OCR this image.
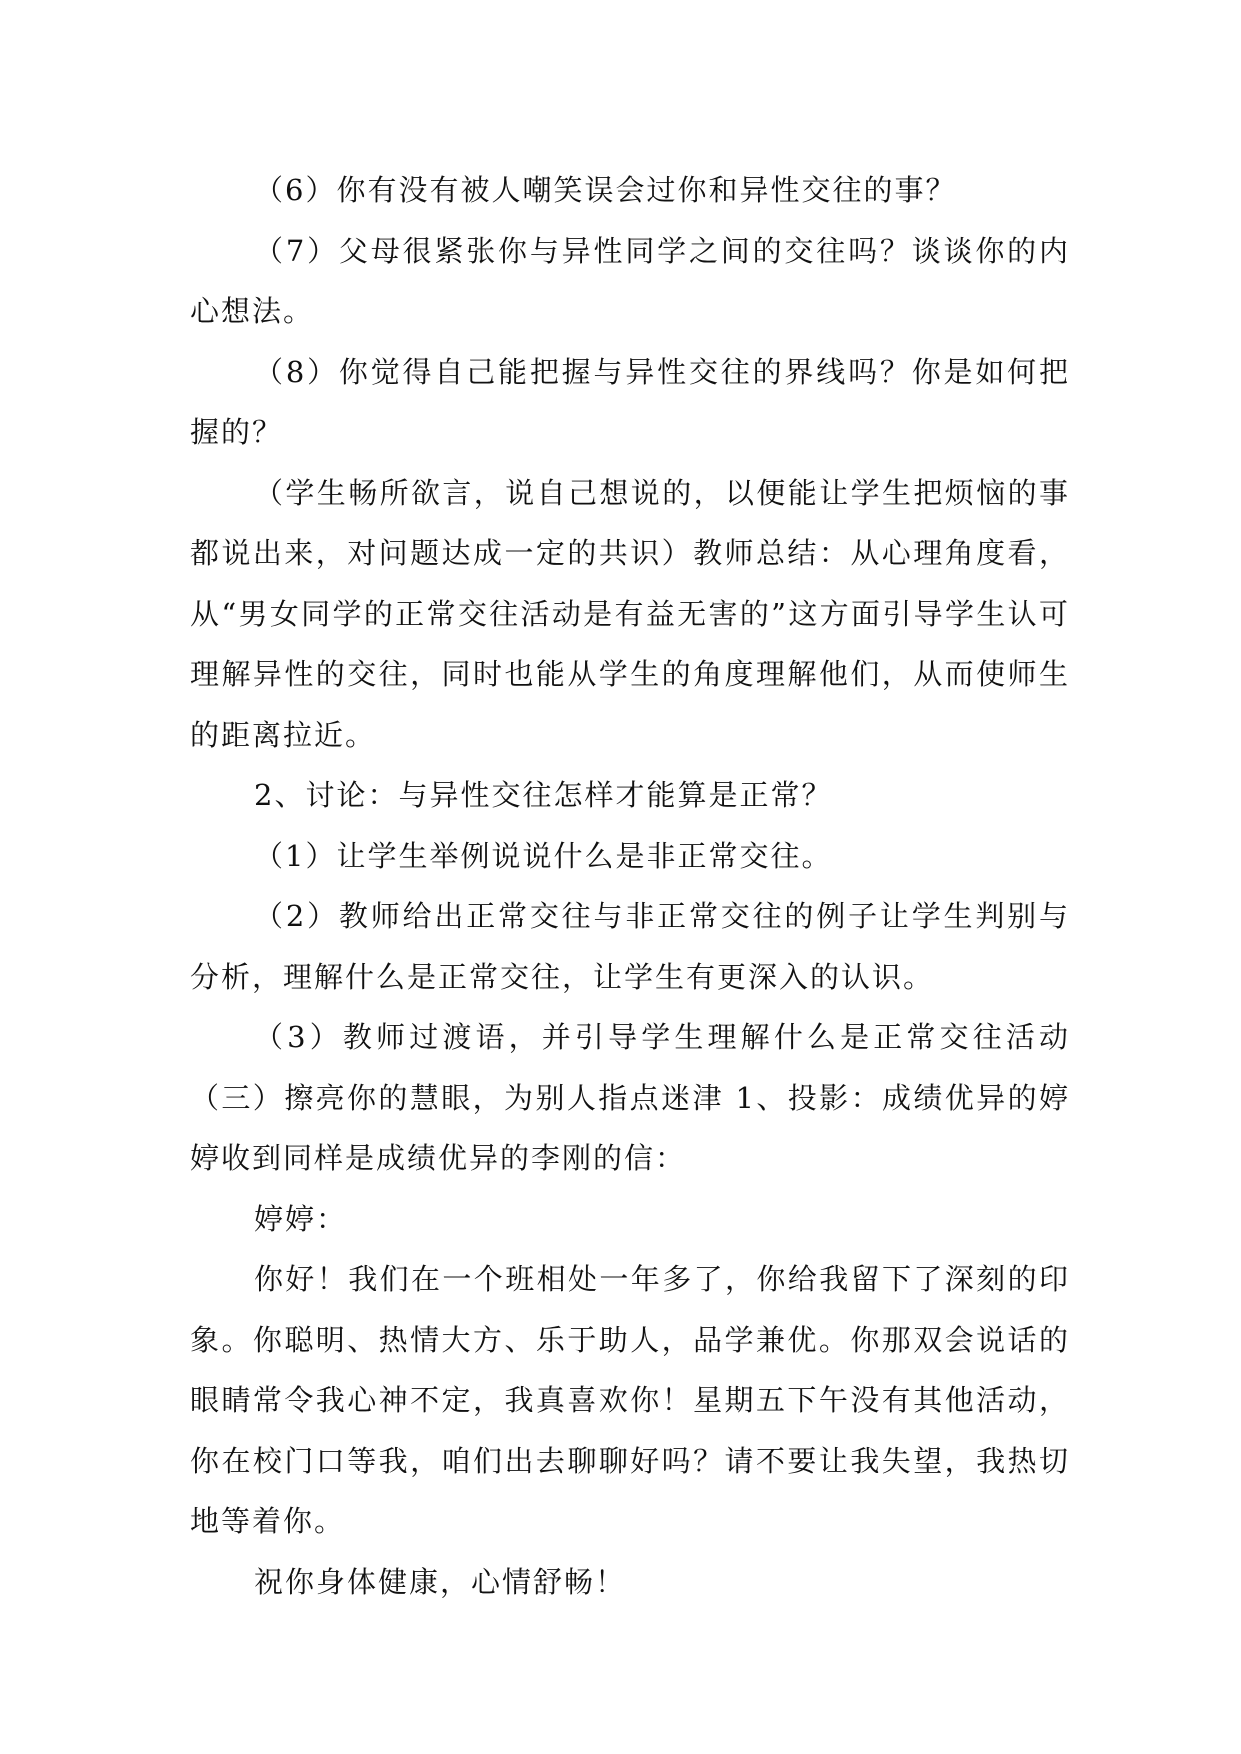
（6）你有没有被人嘲笑误会过你和异性交往的事？

（7）父母很紧张你与异性同学之间的交往吗？谈谈你的内心想法。

（8）你觉得自己能把握与异性交往的界线吗？你是如何把握的？

（学生畅所欲言，说自己想说的，以便能让学生把烦恼的事都说出来，对问题达成一定的共识）教师总结：从心理角度看，从“男女同学的正常交往活动是有益无害的”这方面引导学生认可理解异性的交往，同时也能从学生的角度理解他们，从而使师生的距离拉近。

2、讨论：与异性交往怎样才能算是正常？

（1）让学生举例说说什么是非正常交往。

（2）教师给出正常交往与非正常交往的例子让学生判别与分析，理解什么是正常交往，让学生有更深入的认识。

（3）教师过渡语，并引导学生理解什么是正常交往活动（三）擦亮你的慧眼，为别人指点迷津 1、投影：成绩优异的婷婷收到同样是成绩优异的李刚的信：

婷婷：

你好！我们在一个班相处一年多了，你给我留下了深刻的印象。你聪明、热情大方、乐于助人，品学兼优。你那双会说话的眼睛常令我心神不定，我真喜欢你！星期五下午没有其他活动，你在校门口等我，咱们出去聊聊好吗？请不要让我失望，我热切地等着你。

祝你身体健康，心情舒畅！
